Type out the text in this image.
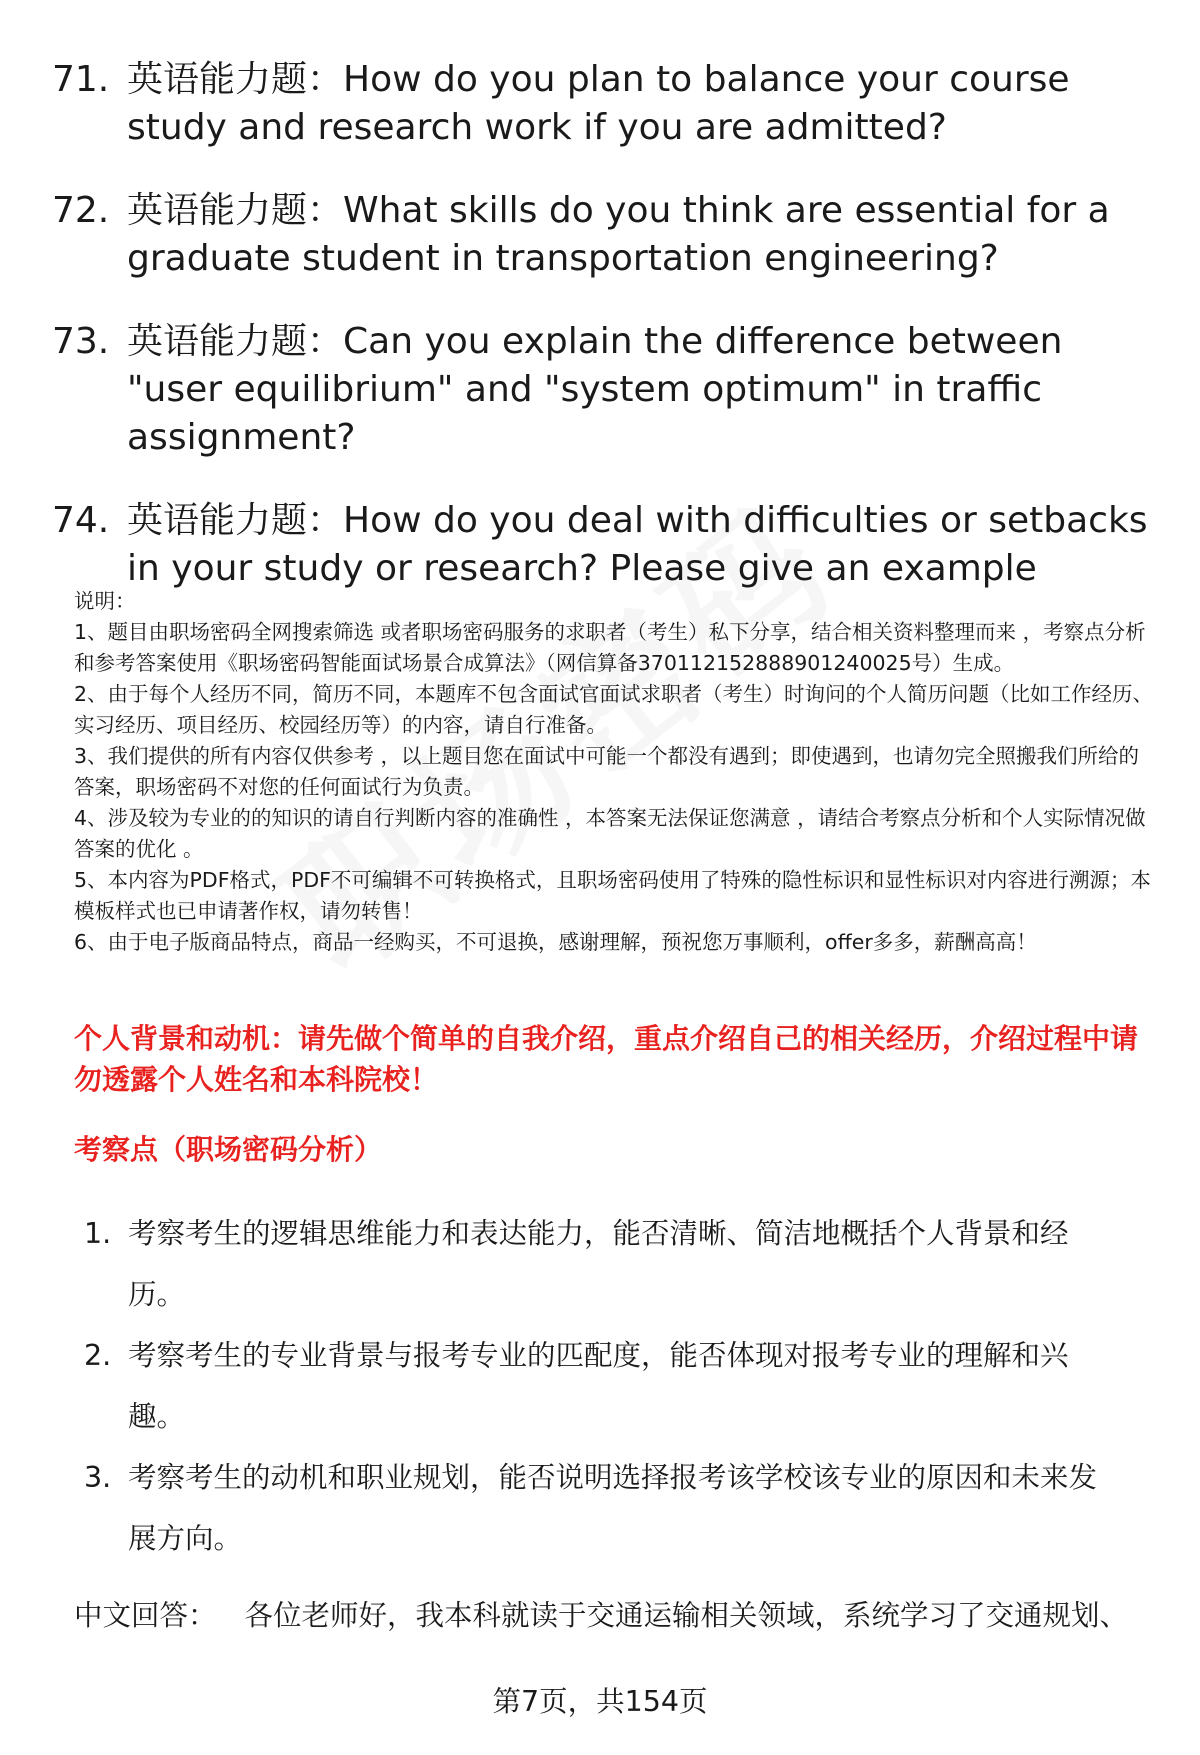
71. 英语能力题：How do you plan to balance your course study and research work if you are admitted?
72. 英语能力题：What skills do you think are essential for a graduate student in transportation engineering?
73. 英语能力题：Can you explain the difference between "user equilibrium" and "system optimum" in traffic assignment?
74. 英语能力题：How do you deal with difficulties or setbacks in your study or research? Please give an example

说明：

1、题目由职场密码全网搜索筛选 或者职场密码服务的求职者（考生）私下分享，结合相关资料整理而来 ，考察点分析和参考答案使用《职场密码智能面试场景合成算法》（网信算备370112152888901240025号）生成。

2、由于每个人经历不同，简历不同，本题库不包含面试官面试求职者（考生）时询问的个人简历问题（比如工作经历、实习经历、项目经历、校园经历等）的内容，请自行准备。

3、我们提供的所有内容仅供参考 ，以上题目您在面试中可能一个都没有遇到；即使遇到，也请勿完全照搬我们所给的答案，职场密码不对您的任何面试行为负责。

4、涉及较为专业的的知识的请自行判断内容的准确性 ，本答案无法保证您满意 ，请结合考察点分析和个人实际情况做答案的优化 。

5、本内容为PDF格式，PDF不可编辑不可转换格式，且职场密码使用了特殊的隐性标识和显性标识对内容进行溯源；本模板样式也已申请著作权，请勿转售！

6、由于电子版商品特点，商品一经购买，不可退换，感谢理解，预祝您万事顺利，offer多多，薪酬高高！

个人背景和动机：请先做个简单的自我介绍，重点介绍自己的相关经历，介绍过程中请勿透露个人姓名和本科院校！
考察点（职场密码分析）
1. 考察考生的逻辑思维能力和表达能力，能否清晰、简洁地概括个人背景和经历。
2. 考察考生的专业背景与报考专业的匹配度，能否体现对报考专业的理解和兴趣。
3. 考察考生的动机和职业规划，能否说明选择报考该学校该专业的原因和未来发展方向。
中文回答： 各位老师好，我本科就读于交通运输相关领域，系统学习了交通规划、
第7页，共154页
